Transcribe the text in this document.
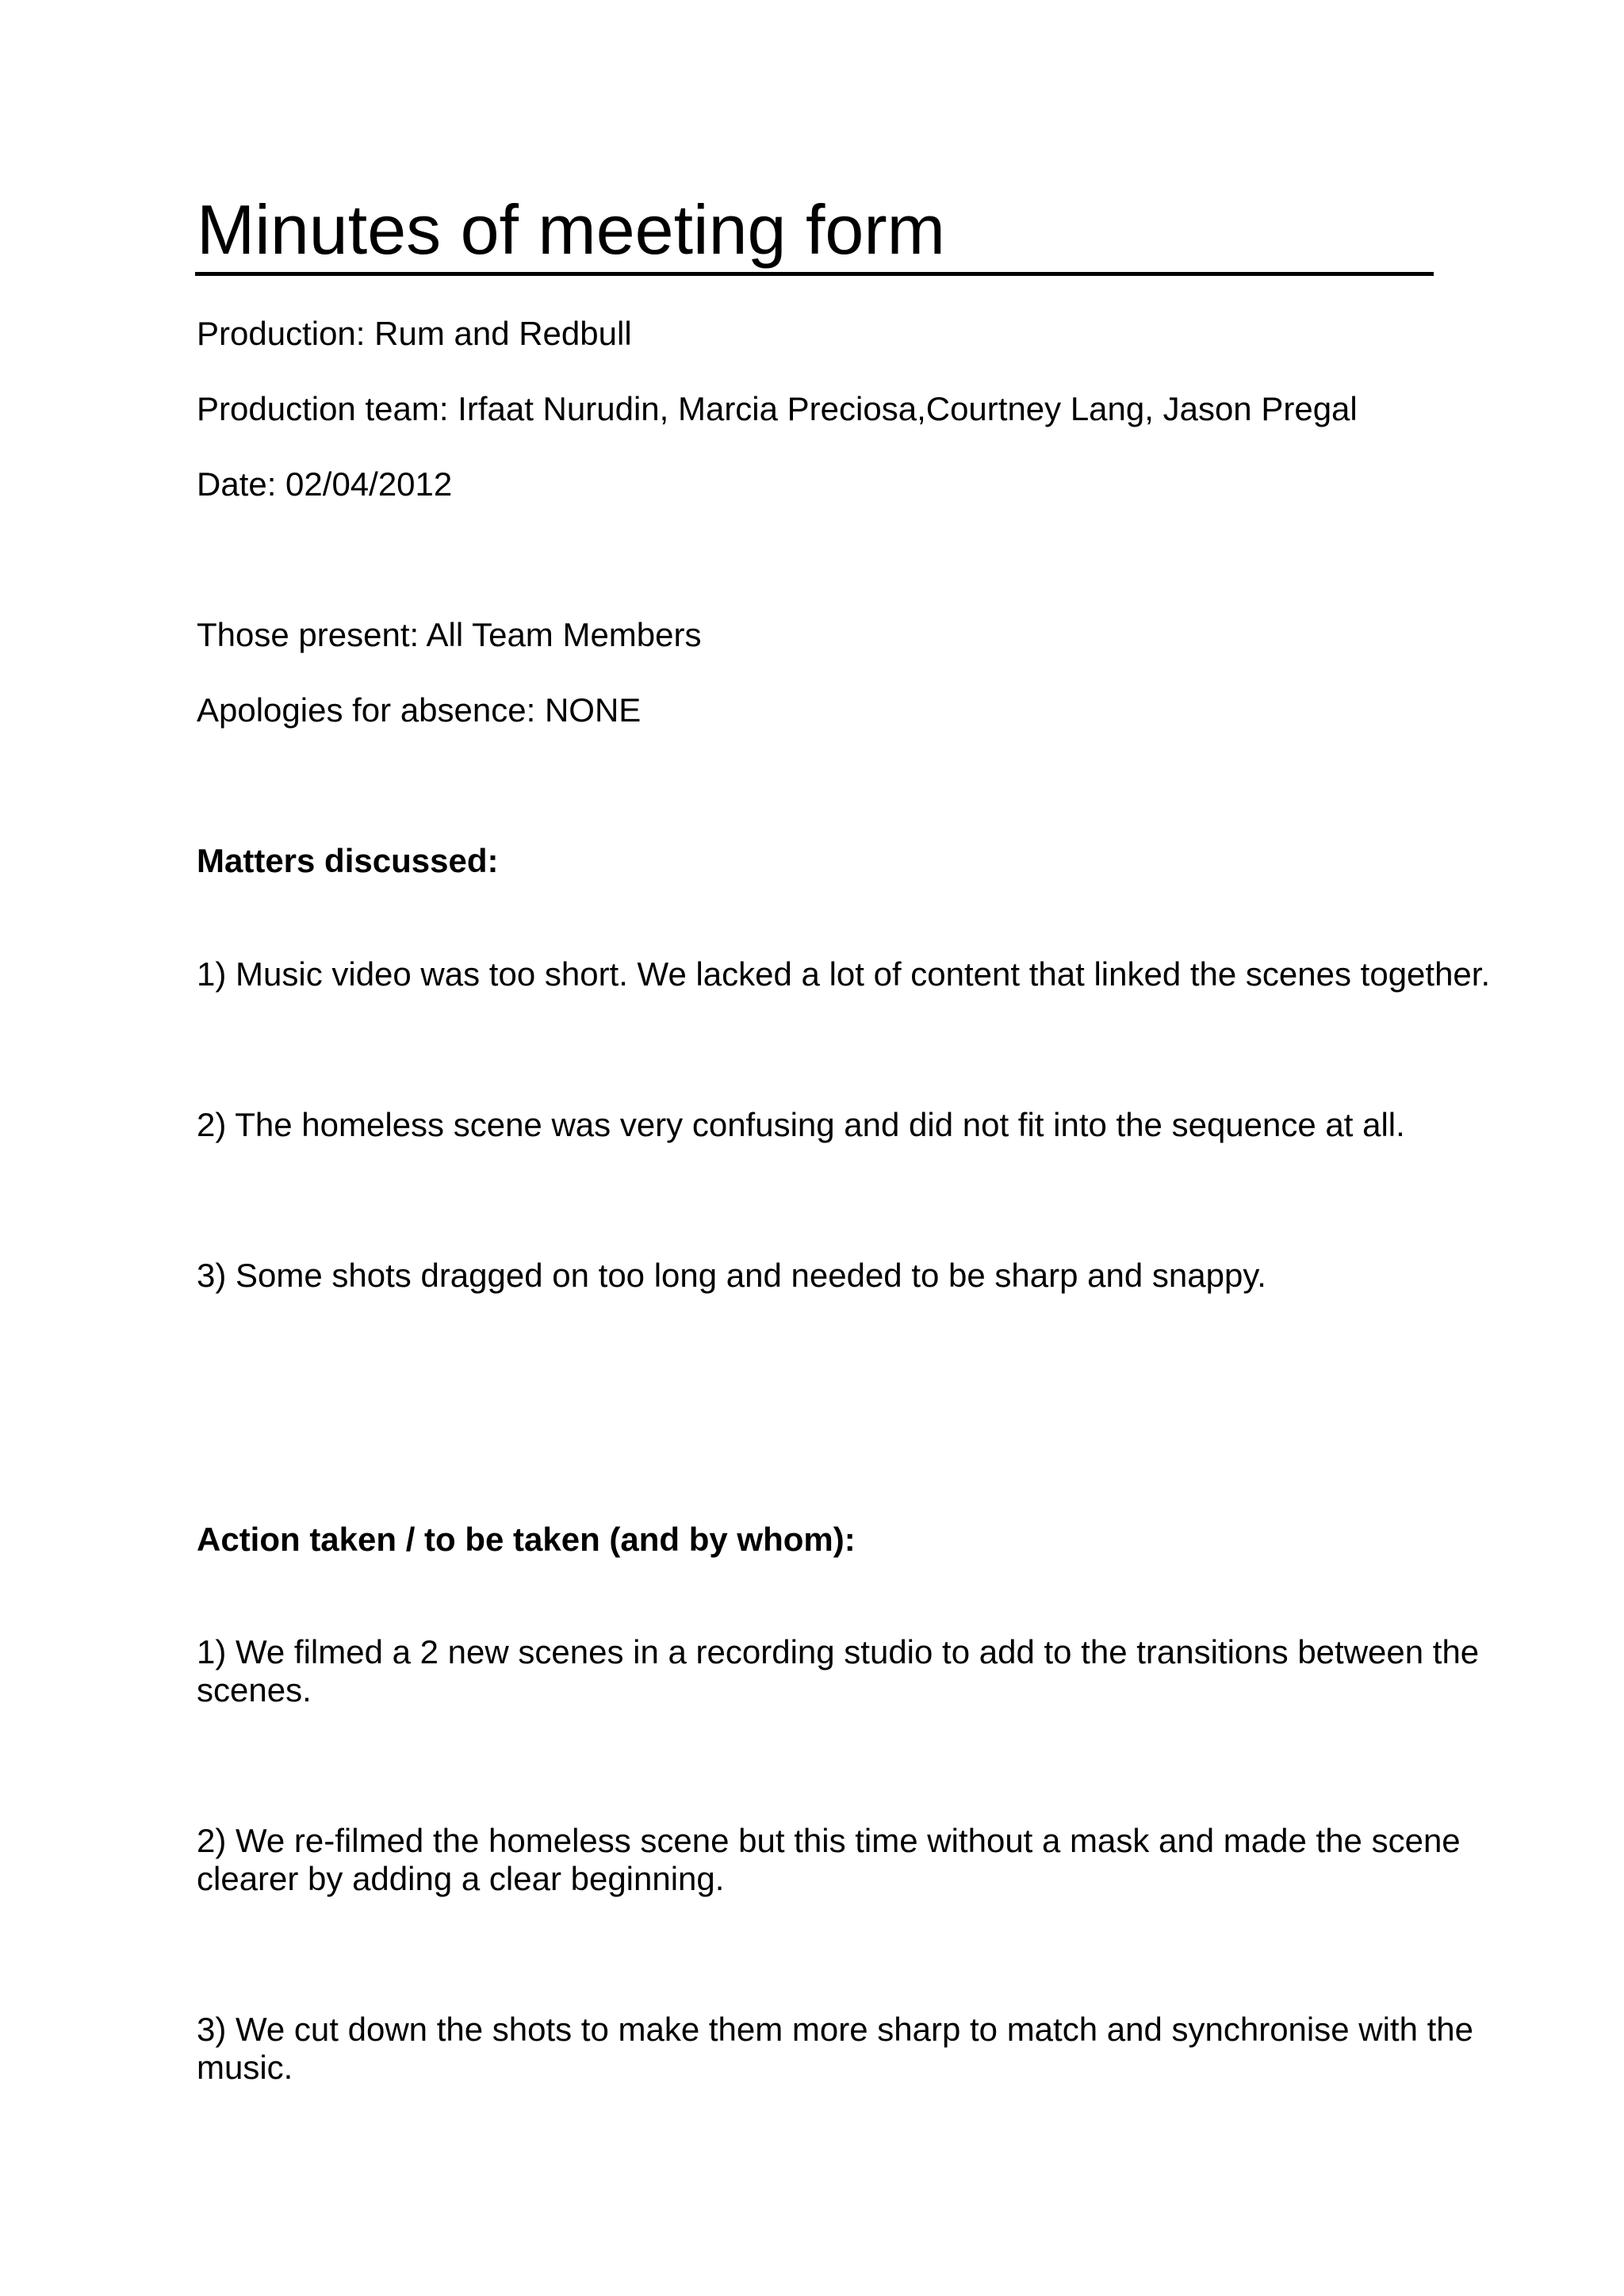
Minutes of meeting form

Production: Rum and Redbull

Production team: Irfaat Nurudin, Marcia Preciosa,Courtney Lang, Jason Pregal

Date: 02/04/2012

Those present: All Team Members

Apologies for absence: NONE

Matters discussed:

1) Music video was too short. We lacked a lot of content that linked the scenes together.

2) The homeless scene was very confusing and did not fit into the sequence at all.

3) Some shots dragged on too long and needed to be sharp and snappy.

Action taken / to be taken (and by whom):

1) We filmed a 2 new scenes in a recording studio to add to the transitions between the scenes.

2) We re-filmed the homeless scene but this time without a mask and made the scene clearer by adding a clear beginning.

3) We cut down the shots to make them more sharp to match and synchronise with the music.
